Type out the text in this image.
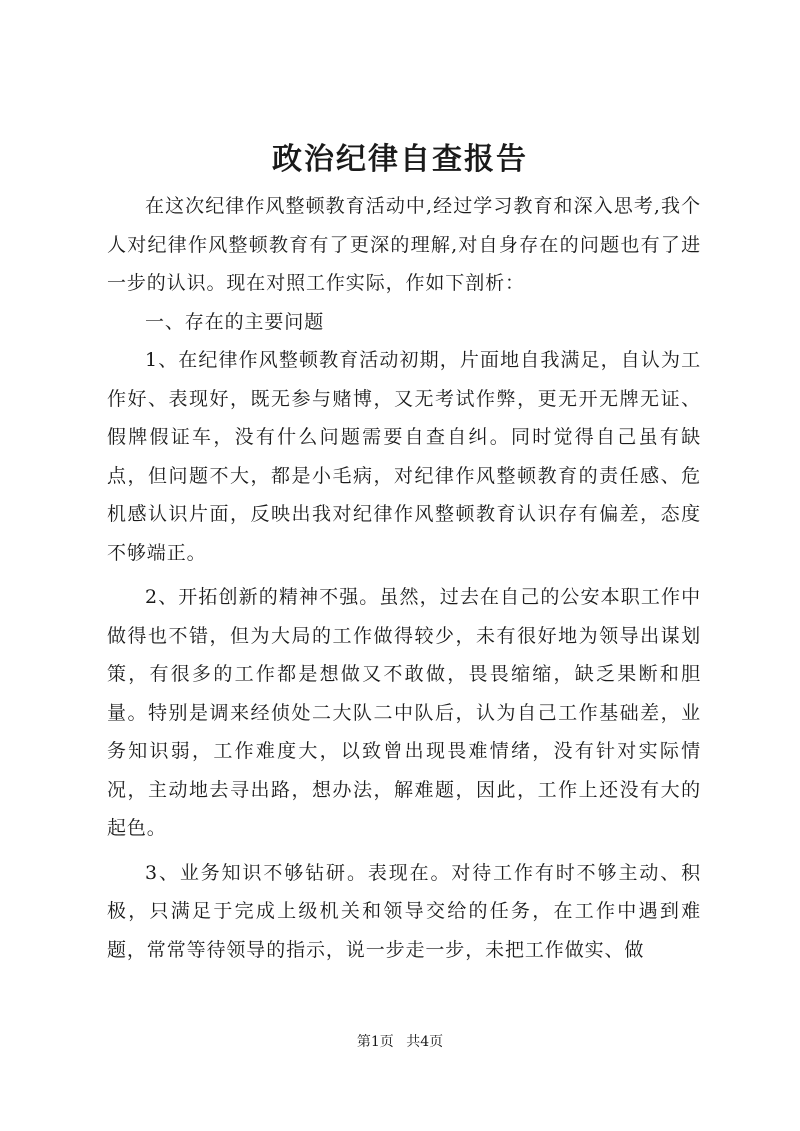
政治纪律自查报告

在这次纪律作风整顿教育活动中,经过学习教育和深入思考,我个人对纪律作风整顿教育有了更深的理解,对自身存在的问题也有了进一步的认识。现在对照工作实际，作如下剖析：

一、存在的主要问题

1、在纪律作风整顿教育活动初期，片面地自我满足，自认为工作好、表现好，既无参与赌博，又无考试作弊，更无开无牌无证、假牌假证车，没有什么问题需要自查自纠。同时觉得自己虽有缺点，但问题不大，都是小毛病，对纪律作风整顿教育的责任感、危机感认识片面，反映出我对纪律作风整顿教育认识存有偏差，态度不够端正。

2、开拓创新的精神不强。虽然，过去在自己的公安本职工作中做得也不错，但为大局的工作做得较少，未有很好地为领导出谋划策，有很多的工作都是想做又不敢做，畏畏缩缩，缺乏果断和胆量。特别是调来经侦处二大队二中队后，认为自己工作基础差，业务知识弱，工作难度大，以致曾出现畏难情绪，没有针对实际情况，主动地去寻出路，想办法，解难题，因此，工作上还没有大的起色。

3、业务知识不够钻研。表现在。对待工作有时不够主动、积极，只满足于完成上级机关和领导交给的任务，在工作中遇到难题，常常等待领导的指示，说一步走一步，未把工作做实、做

第1页 共4页
